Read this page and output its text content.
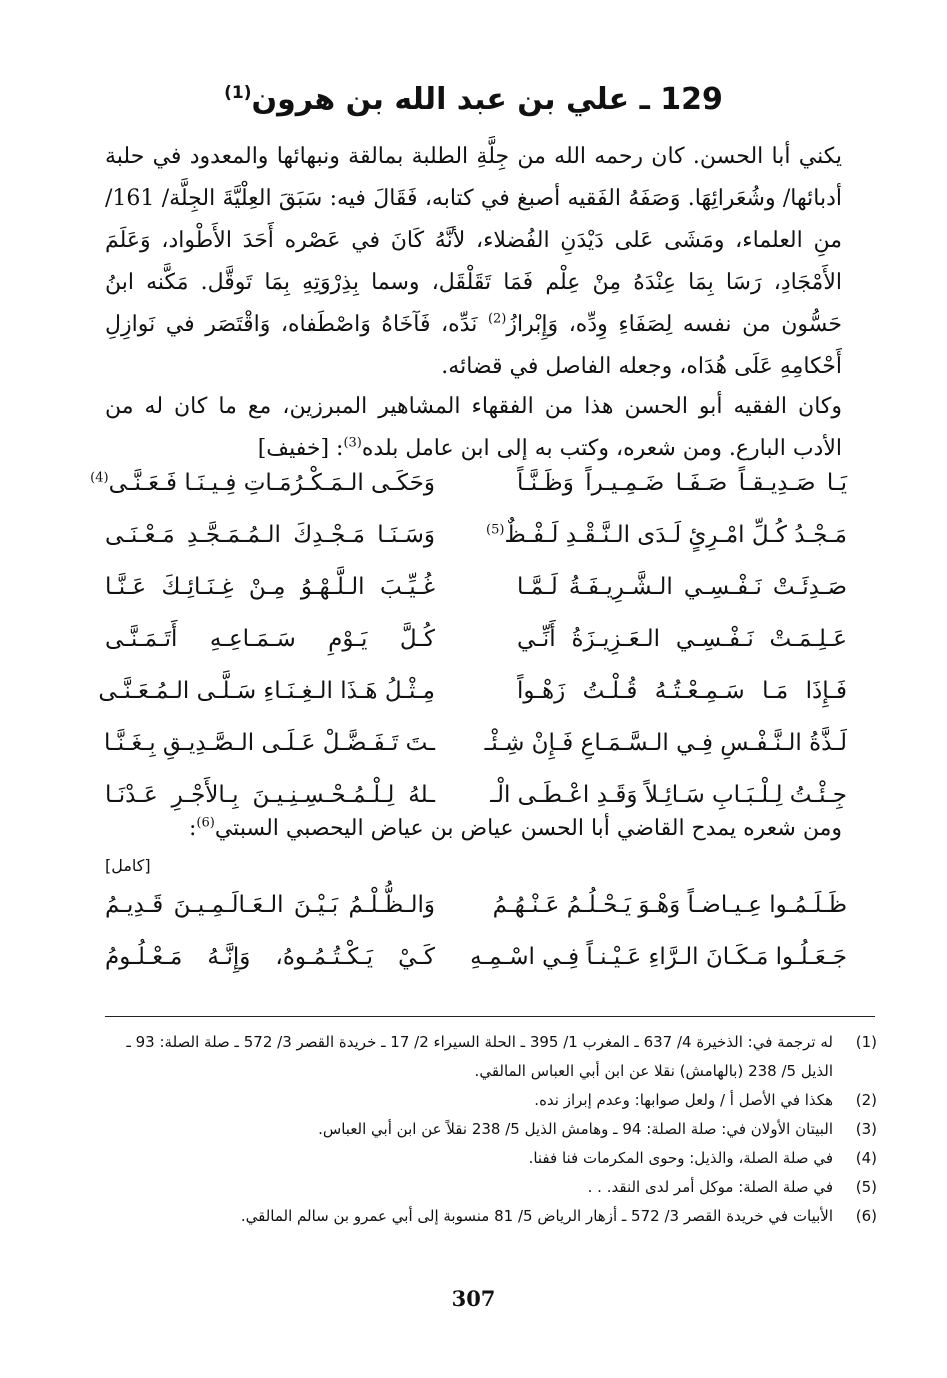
129 ـ علي بن عبد الله بن هرون$^{(1)}$
يكني أبا الحسن. كان رحمه الله من جِلَّةِ الطلبة بمالقة ونبهائها والمعدود في حلبة أدبائها/ وشُعَرائِهَا. وَصَفَهُ الفَقيه أصبغ في كتابه، فَقَالَ فيه: سَبَقَ العِلْيَّةَ الجِلَّة/ 161/ منِ العلماء، ومَشَى عَلى دَيْدَنِ الفُضلاء، لأنَّهُ كَانَ في عَصْره أَحَدَ الأَطْواد، وَعَلَمَ الأَمْجَادِ، رَسَا بِمَا عِنْدَهُ مِنْ عِلْم فَمَا تَقَلْقَل، وسما بِذِرْوَتِهِ بِمَا تَوقَّل. مَكَّنه ابنُ حَسُّون من نفسه لِصَفَاءِ وِدِّه، وَإِبْرازُ$^{(2)}$ نَدِّه، فَآخَاهُ وَاصْطَفاه، وَاقْتَصَر في نَوازِلِ أَحْكامِهِ عَلَى هُدَاه، وجعله الفاصل في قضائه.
وكان الفقيه أبو الحسن هذا من الفقهاء المشاهير المبرزين، مع ما كان له من الأدب البارع. ومن شعره، وكتب به إلى ابن عامل بلده$^{(3)}$: [خفيف]
يَـا صَـدِيـقـاً صَـفَـا ضَـمِـيـراً وَظَـنَّـاً
وَحَكَـى الـمَـكْـرُمَـاتِ فِـيـنَـا فَـعَـنَّـى$^{(4)}$
مَـجْـدُ كُـلِّ امْـرِئٍ لَـدَى الـنَّـقْـدِ لَـفْـظٌ$^{(5)}$
وَسَـنَـا مَـجْـدِكَ الـمُـمَـجَّـدِ مَـعْـنَـى
صَـدِئَـتْ نَـفْـسِـي الـشَّـرِيـفَـةُ لَـمَّـا
غُـيِّـبَ الـلَّـهْـوُ مِـنْ غِـنَـائِـكَ عَـنَّـا
عَـلِـمَـتْ نَـفْـسِـي الـعَـزِيـزَةُ أَنِّـي
كُـلَّ يَـوْمِ سَـمَـاعِـهِ أَتَـمَـنَّـى
فَـإِذَا مَـا سَـمِـعْـتُـهُ قُـلْـتُ زَهْـواً
مِـثْـلُ هَـذَا الـغِـنَـاءِ سَـلَّـى الـمُـعَـنَّـى
لَـذَّةُ الـنَّـفْـسِ فِـي الـسَّـمَـاعِ فَـإِنْ شِـئْـ
ـتَ تَـفَـضَّـلْ عَـلَـى الـصَّـدِيـقِ بِـغَـنَّـا
جِـئْـتُ لِـلْـبَـابِ سَـائِـلاً وَقَـدِ اعْـطَـى الْـ
ـلهُ لِـلْـمُـحْـسِـنِـيـنَ بِـالأَجْـرِ عَـدْنَـا
ومن شعره يمدح القاضي أبا الحسن عياض بن عياض اليحصبي السبتي$^{(6)}$:
[كامل]
ظَـلَـمُـوا عِـيـاضـاً وَهْـوَ يَـحْـلُـمُ عَـنْـهُـمُ
وَالـظُّـلْـمُ بَـيْـنَ الـعَـالَـمِـيـنَ قَـدِيـمُ
جَـعَـلُـوا مَـكَـانَ الـرَّاءِ عَـيْـنـاً فِـي اسْـمِـهِ
كَـيْ يَـكْـتُـمُـوهُ، وَإِنَّـهُ مَـعْـلُـومُ
(1)
له ترجمة في: الذخيرة 4/ 637 ـ المغرب 1/ 395 ـ الحلة السيراء 2/ 17 ـ خريدة القصر 3/ 572 ـ صلة الصلة: 93 ـ الذيل 5/ 238 (بالهامش) نقلا عن ابن أبي العباس المالقي.
(2)
هكذا في الأصل أ / ولعل صوابها: وعدم إبراز نده.
(3)
البيتان الأولان في: صلة الصلة: 94 ـ وهامش الذيل 5/ 238 نقلاً عن ابن أبي العباس.
(4)
في صلة الصلة، والذيل: وحوى المكرمات فنا ففنا.
(5)
في صلة الصلة: موكل أمر لدى النقد. . .
(6)
الأبيات في خريدة القصر 3/ 572 ـ أزهار الرياض 5/ 81 منسوبة إلى أبي عمرو بن سالم المالقي.
307
